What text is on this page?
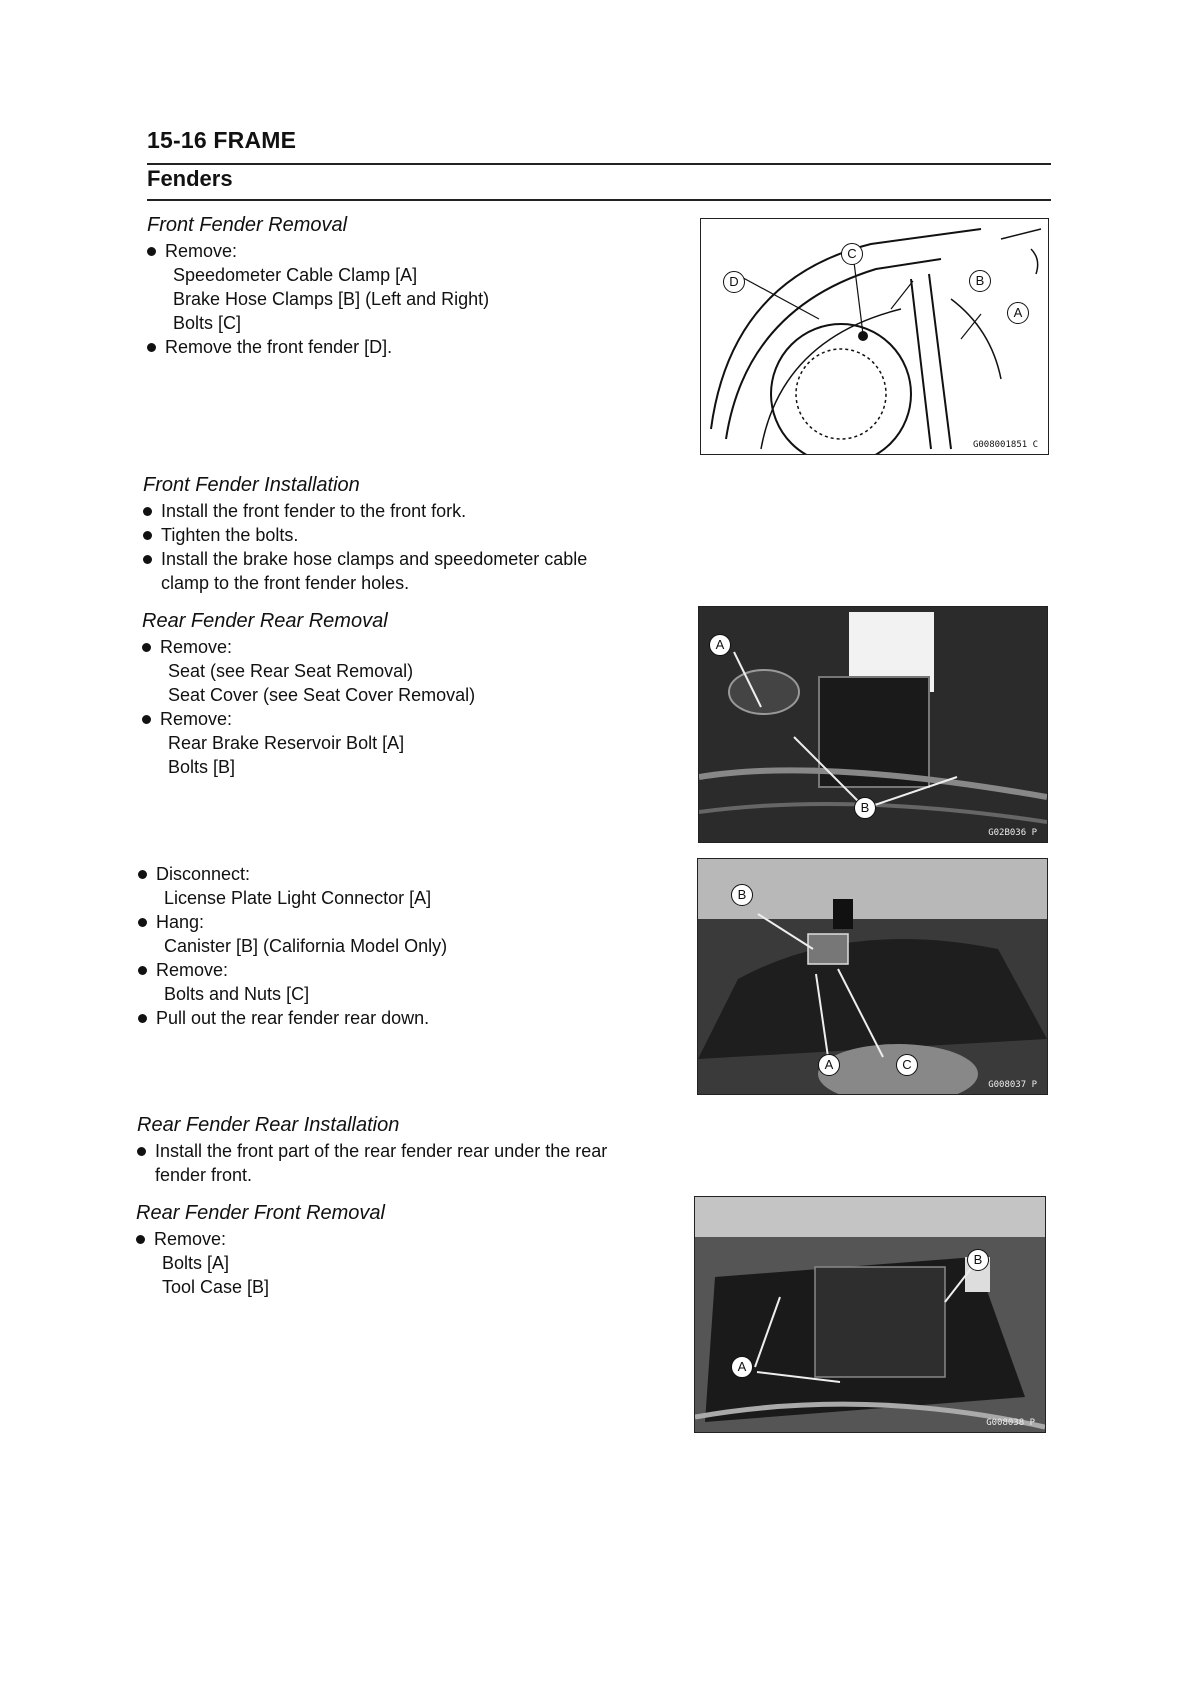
15-16 FRAME
Fenders
Front Fender Removal
Remove:
Speedometer Cable Clamp [A]
Brake Hose Clamps [B] (Left and Right)
Bolts [C]
Remove the front fender [D].
C
D	B
A
G008001851 C
Front Fender Installation
Install the front fender to the front fork.
Tighten the bolts.
Install the brake hose clamps and speedometer cable
clamp to the front fender holes.
Rear Fender Rear Removal
Remove:
Seat (see Rear Seat Removal)
Seat Cover (see Seat Cover Removal)
Remove:
Rear Brake Reservoir Bolt [A]
Bolts [B]
A
B
G02B036 P
Disconnect:
License Plate Light Connector [A]
Hang:
Canister [B] (California Model Only)
Remove:
Bolts and Nuts [C]
Pull out the rear fender rear down.
B
A	C
G008037 P
Rear Fender Rear Installation
Install the front part of the rear fender rear under the rear
fender front.
Rear Fender Front Removal
Remove:
Bolts [A]
Tool Case [B]
B
A
G008038 P
